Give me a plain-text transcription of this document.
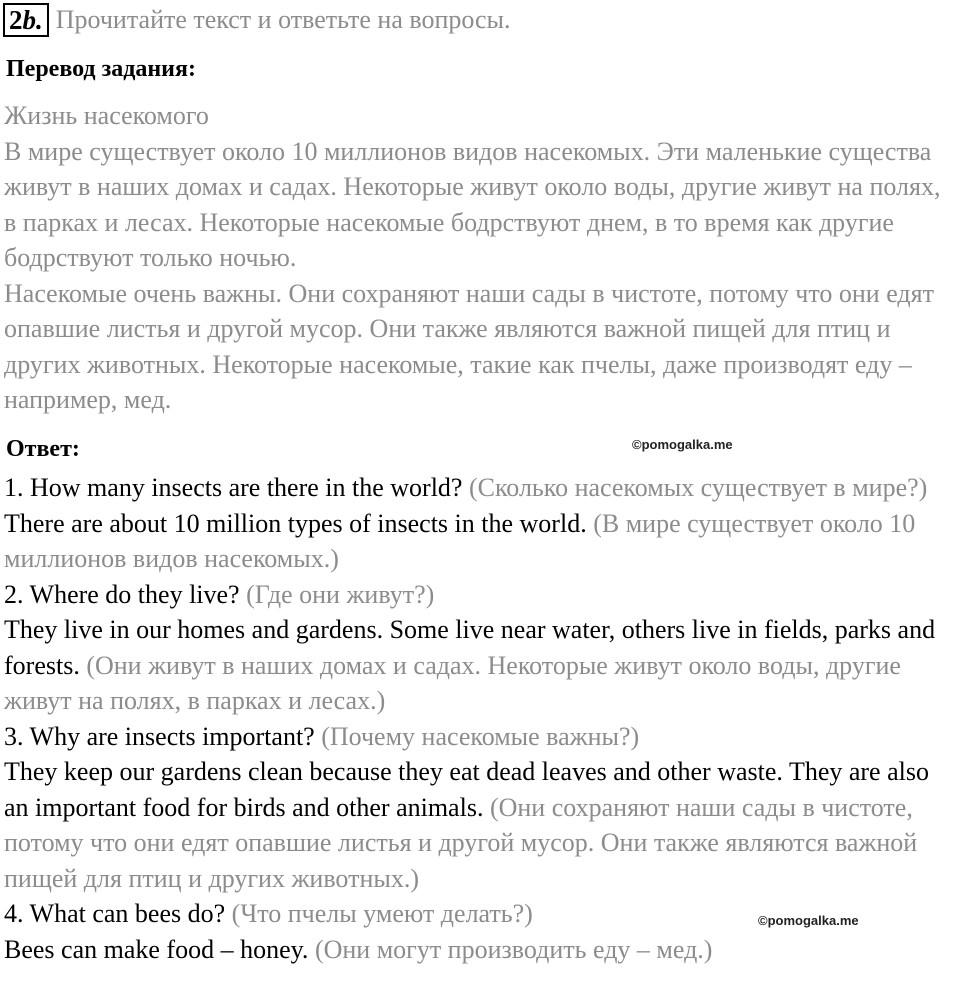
2b. Прочитайте текст и ответьте на вопросы.
Перевод задания:

Жизнь насекомого

В мире существует около 10 миллионов видов насекомых. Эти маленькие существа живут в наших домах и садах. Некоторые живут около воды, другие живут на полях, в парках и лесах. Некоторые насекомые бодрствуют днем, в то время как другие бодрствуют только ночью.

Насекомые очень важны. Они сохраняют наши сады в чистоте, потому что они едят опавшие листья и другой мусор. Они также являются важной пищей для птиц и других животных. Некоторые насекомые, такие как пчелы, даже производят еду – например, мед.

Ответ:	©pomogalka.me

1. How many insects are there in the world? (Сколько насекомых существует в мире?)

There are about 10 million types of insects in the world. (В мире существует около 10 миллионов видов насекомых.)

2. Where do they live? (Где они живут?)

They live in our homes and gardens. Some live near water, others live in fields, parks and forests. (Они живут в наших домах и садах. Некоторые живут около воды, другие живут на полях, в парках и лесах.)

3. Why are insects important? (Почему насекомые важны?)

They keep our gardens clean because they eat dead leaves and other waste. They are also an important food for birds and other animals. (Они сохраняют наши сады в чистоте, потому что они едят опавшие листья и другой мусор. Они также являются важной пищей для птиц и других животных.)

4. What can bees do? (Что пчелы умеют делать?)

Bees can make food – honey. (Они могут производить еду – мед.)

©pomogalka.me
